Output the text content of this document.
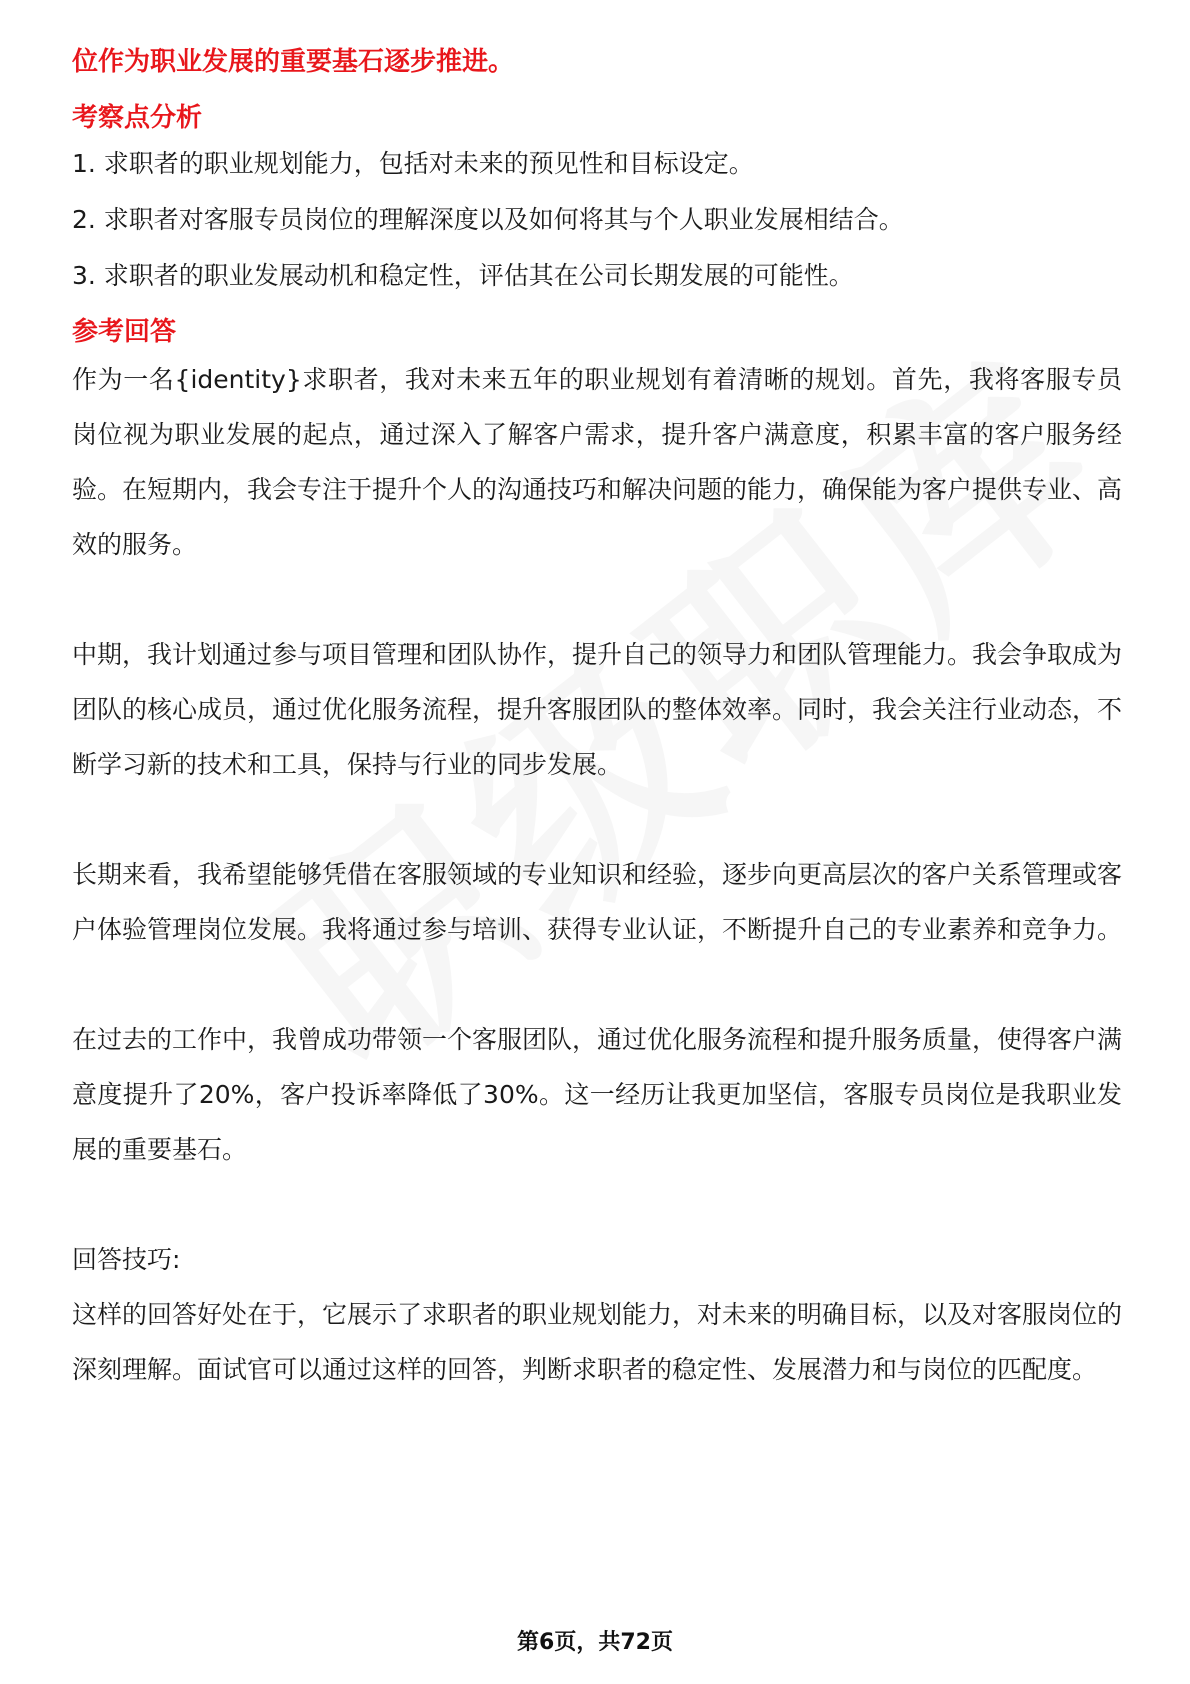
位作为职业发展的重要基石逐步推进。
考察点分析
1. 求职者的职业规划能力，包括对未来的预见性和目标设定。
2. 求职者对客服专员岗位的理解深度以及如何将其与个人职业发展相结合。
3. 求职者的职业发展动机和稳定性，评估其在公司长期发展的可能性。
参考回答

作为一名{identity}求职者，我对未来五年的职业规划有着清晰的规划。首先，我将客服专员岗位视为职业发展的起点，通过深入了解客户需求，提升客户满意度，积累丰富的客户服务经验。在短期内，我会专注于提升个人的沟通技巧和解决问题的能力，确保能为客户提供专业、高效的服务。

中期，我计划通过参与项目管理和团队协作，提升自己的领导力和团队管理能力。我会争取成为团队的核心成员，通过优化服务流程，提升客服团队的整体效率。同时，我会关注行业动态，不断学习新的技术和工具，保持与行业的同步发展。

长期来看，我希望能够凭借在客服领域的专业知识和经验，逐步向更高层次的客户关系管理或客户体验管理岗位发展。我将通过参与培训、获得专业认证，不断提升自己的专业素养和竞争力。

在过去的工作中，我曾成功带领一个客服团队，通过优化服务流程和提升服务质量，使得客户满意度提升了20%，客户投诉率降低了30%。这一经历让我更加坚信，客服专员岗位是我职业发展的重要基石。

回答技巧:

这样的回答好处在于，它展示了求职者的职业规划能力，对未来的明确目标，以及对客服岗位的深刻理解。面试官可以通过这样的回答，判断求职者的稳定性、发展潜力和与岗位的匹配度。

第6页，共72页
